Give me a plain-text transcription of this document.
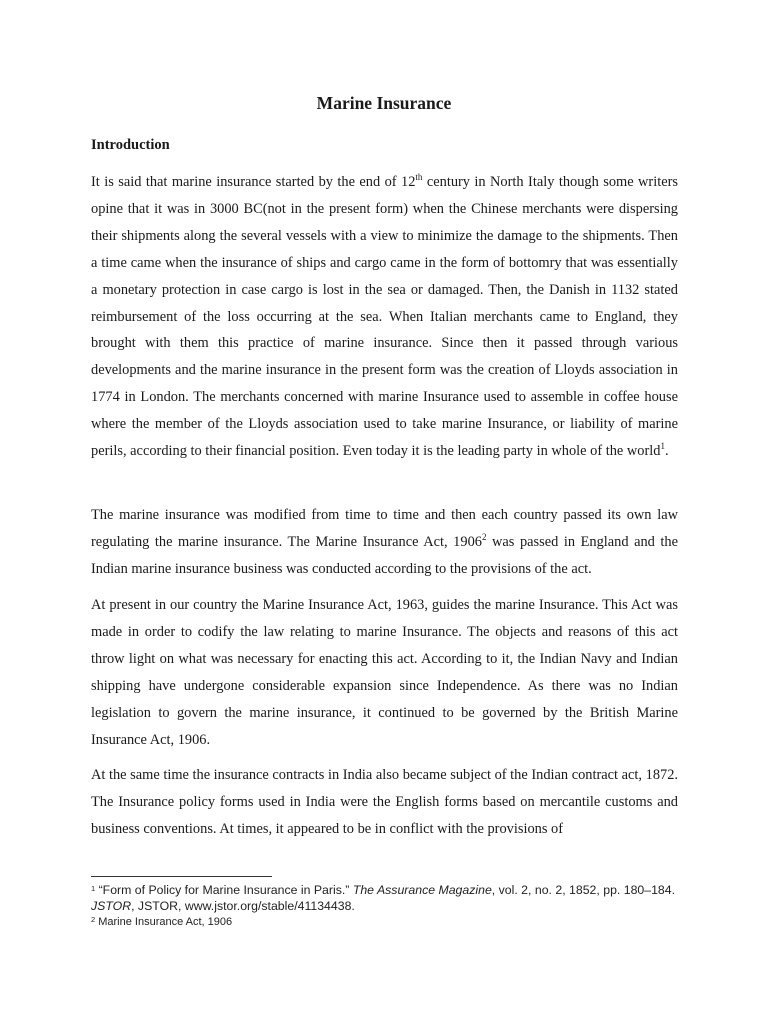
Marine Insurance
Introduction

It is said that marine insurance started by the end of 12th century in North Italy though some writers opine that it was in 3000 BC(not in the present form) when the Chinese merchants were dispersing their shipments along the several vessels with a view to minimize the damage to the shipments. Then a time came when the insurance of ships and cargo came in the form of bottomry that was essentially a monetary protection in case cargo is lost in the sea or damaged. Then, the Danish in 1132 stated reimbursement of the loss occurring at the sea. When Italian merchants came to England, they brought with them this practice of marine insurance. Since then it passed through various developments and the marine insurance in the present form was the creation of Lloyds association in 1774 in London. The merchants concerned with marine Insurance used to assemble in coffee house where the member of the Lloyds association used to take marine Insurance, or liability of marine perils, according to their financial position. Even today it is the leading party in whole of the world$^1$.

The marine insurance was modified from time to time and then each country passed its own law regulating the marine insurance. The Marine Insurance Act, 1906$^2$ was passed in England and the Indian marine insurance business was conducted according to the provisions of the act.

At present in our country the Marine Insurance Act, 1963, guides the marine Insurance. This Act was made in order to codify the law relating to marine Insurance. The objects and reasons of this act throw light on what was necessary for enacting this act. According to it, the Indian Navy and Indian shipping have undergone considerable expansion since Independence. As there was no Indian legislation to govern the marine insurance, it continued to be governed by the British Marine Insurance Act, 1906.

At the same time the insurance contracts in India also became subject of the Indian contract act, 1872. The Insurance policy forms used in India were the English forms based on mercantile customs and business conventions. At times, it appeared to be in conflict with the provisions of

$^1$ “Form of Policy for Marine Insurance in Paris.” The Assurance Magazine, vol. 2, no. 2, 1852, pp. 180–184. JSTOR, JSTOR, www.jstor.org/stable/41134438.

$^2$ Marine Insurance Act, 1906
